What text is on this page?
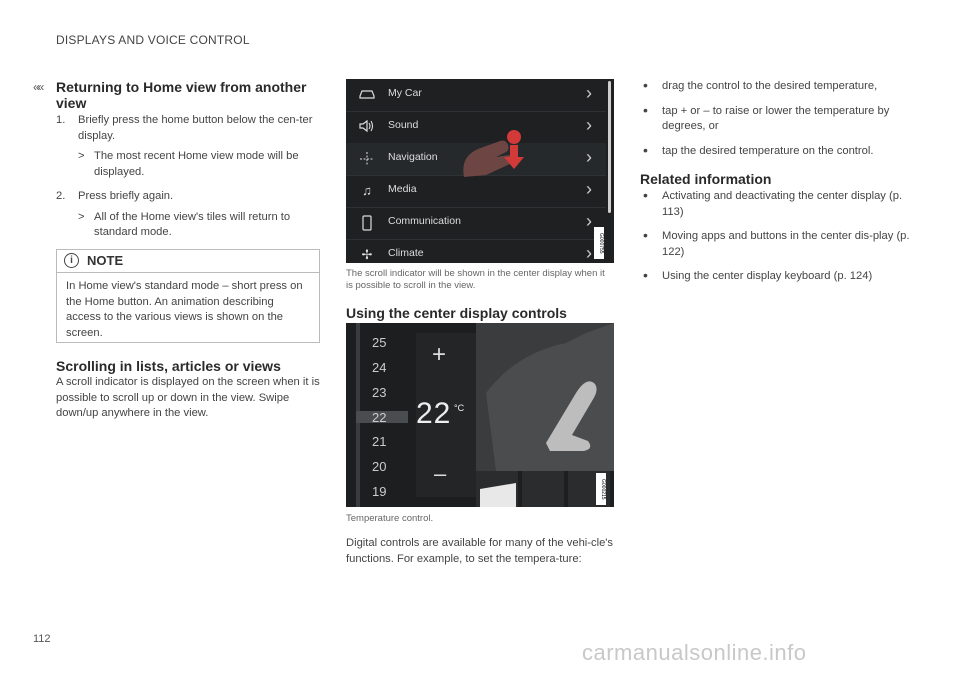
DISPLAYS AND VOICE CONTROL
«« Returning to Home view from another view
1. Briefly press the home button below the cen-ter display.
> The most recent Home view mode will be displayed.
2. Press briefly again.
> All of the Home view's tiles will return to standard mode.
i	NOTE
In Home view's standard mode – short press on the Home button. An animation describing access to the various views is shown on the screen.
Scrolling in lists, articles or views
A scroll indicator is displayed on the screen when it is possible to scroll up or down in the view. Swipe down/up anywhere in the view.
My Car	›
Sound	›
Navigation	›
♫	Media	›
Communication	›
✢	Climate	›	G000755
The scroll indicator will be shown in the center display when it is possible to scroll in the view.
Using the center display controls
25
24
23
22
21
20
19
+
22 °C
–
G000215
Temperature control.
Digital controls are available for many of the vehi-cle's functions. For example, to set the tempera-ture:
• drag the control to the desired temperature,
• tap + or – to raise or lower the temperature by degrees, or
• tap the desired temperature on the control.
Related information
• Activating and deactivating the center display (p. 113)
• Moving apps and buttons in the center dis-play (p. 122)
• Using the center display keyboard (p. 124)
112
carmanualsonline.info
